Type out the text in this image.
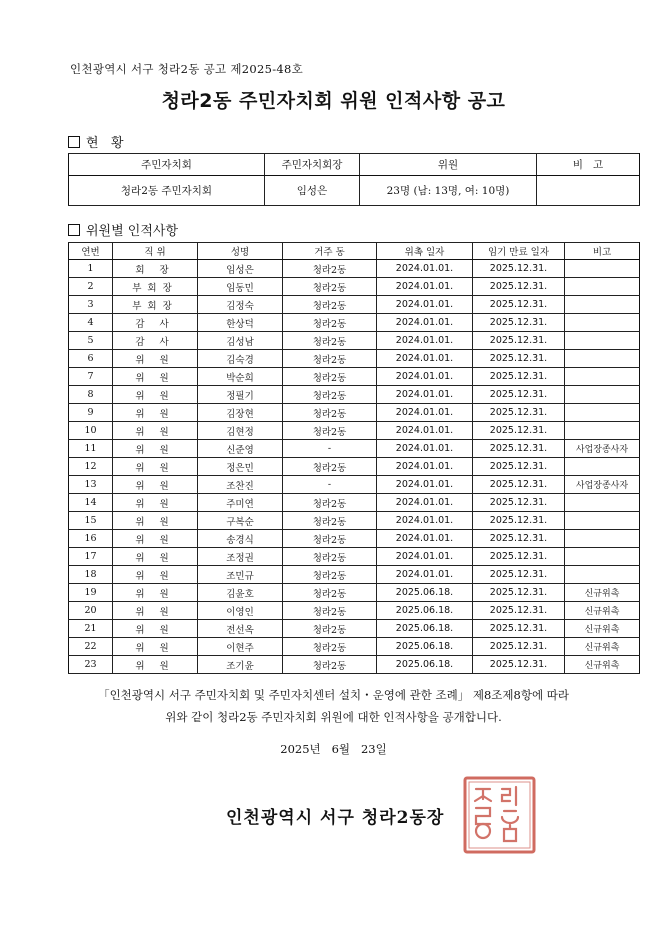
인천광역시 서구 청라2동 공고 제2025-48호
청라2동 주민자치회 위원 인적사항 공고
현   황
주민자치회	주민자치회장	위원	비   고
청라2동 주민자치회	임성은	23명 (남: 13명, 여: 10명)	
위원별 인적사항
연번	직 위	성명	거주 동	위촉 일자	임기 만료 일자	비고
1	회 장	임성은	청라2동	2024.01.01.	2025.12.31.	
2	부회장	임동민	청라2동	2024.01.01.	2025.12.31.	
3	부회장	김정숙	청라2동	2024.01.01.	2025.12.31.	
4	감 사	한상덕	청라2동	2024.01.01.	2025.12.31.	
5	감 사	김성남	청라2동	2024.01.01.	2025.12.31.	
6	위 원	김숙경	청라2동	2024.01.01.	2025.12.31.	
7	위 원	박순희	청라2동	2024.01.01.	2025.12.31.	
8	위 원	정필기	청라2동	2024.01.01.	2025.12.31.	
9	위 원	김장현	청라2동	2024.01.01.	2025.12.31.	
10	위 원	김현정	청라2동	2024.01.01.	2025.12.31.	
11	위 원	신준영	-	2024.01.01.	2025.12.31.	사업장종사자
12	위 원	정은민	청라2동	2024.01.01.	2025.12.31.	
13	위 원	조찬진	-	2024.01.01.	2025.12.31.	사업장종사자
14	위 원	주미연	청라2동	2024.01.01.	2025.12.31.	
15	위 원	구복순	청라2동	2024.01.01.	2025.12.31.	
16	위 원	송경식	청라2동	2024.01.01.	2025.12.31.	
17	위 원	조정권	청라2동	2024.01.01.	2025.12.31.	
18	위 원	조민규	청라2동	2024.01.01.	2025.12.31.	
19	위 원	김윤호	청라2동	2025.06.18.	2025.12.31.	신규위촉
20	위 원	이영인	청라2동	2025.06.18.	2025.12.31.	신규위촉
21	위 원	전선옥	청라2동	2025.06.18.	2025.12.31.	신규위촉
22	위 원	이현주	청라2동	2025.06.18.	2025.12.31.	신규위촉
23	위 원	조기윤	청라2동	2025.06.18.	2025.12.31.	신규위촉
「인천광역시 서구 주민자치회 및 주민자치센터 설치・운영에 관한 조례」 제8조제8항에 따라
위와 같이 청라2동 주민자치회 위원에 대한 인적사항을 공개합니다.
2025년   6월   23일
인천광역시 서구 청라2동장
